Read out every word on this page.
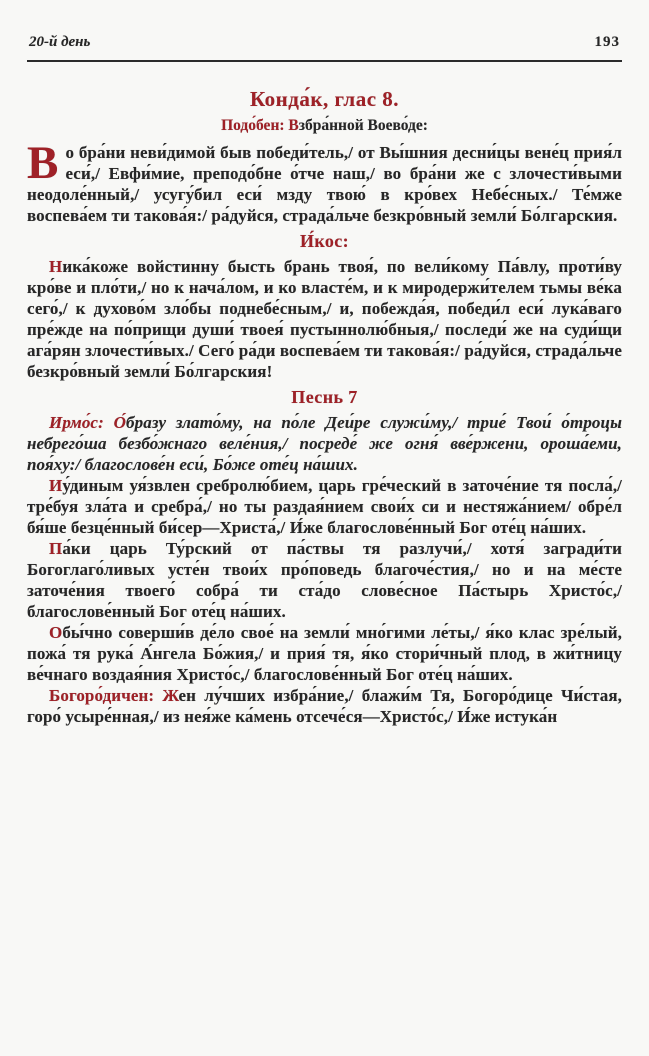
20-й день	193
Конда́к, глас 8.

Подо́бен: Взбра́нной Воево́де:

Во бра́ни неви́димой быв победи́тель,/ от Вы́шния десни́цы вене́ц прия́л еси́,/ Евфи́мие, преподо́бне о́тче наш,/ во бра́ни же с злочести́выми неодоле́нный,/ усугу́бил еси́ мзду твою́ в кро́вех Небе́сных./ Те́мже воспева́ем ти такова́я:/ ра́дуйся, страда́льче безкро́вный земли́ Бо́лгарския.

И́кос:

Ника́коже войстинну бысть брань твоя́, по вели́кому Па́влу, проти́ву кро́ве и пло́ти,/ но к нача́лом, и ко власте́м, и к миродержи́телем тьмы ве́ка сего́,/ к духово́м зло́бы поднебе́сным,/ и, побежда́я, победи́л еси́ лука́ваго пре́жде на по́прищи души́ твоея́ пустыннолю́бныя,/ последи́ же на суди́щи ага́рян злочести́вых./ Сего́ ра́ди воспева́ем ти такова́я:/ ра́дуйся, страда́льче безкро́вный земли́ Бо́лгарския!

Песнь 7

Ирмо́с: О́бразу злато́му, на по́ле Деи́ре служи́му,/ трие́ Твои́ о́троцы небрего́ша безбо́жнаго веле́ния,/ посреде́ же огня́ вве́ржени, ороша́еми, поя́ху:/ благослове́н еси́, Бо́же оте́ц на́ших.

Иу́диным уя́звлен сребролю́бием, царь гре́ческий в заточе́ние тя посла́,/ тре́буя зла́та и сребра́,/ но ты раздая́нием свои́х си и нестяжа́нием/ обре́л бя́ше безце́нный би́сер—Христа́,/ И́же благослове́нный Бог оте́ц на́ших.

Па́ки царь Ту́рский от па́ствы тя разлучи́,/ хотя́ загради́ти Богоглаго́ливых усте́н твои́х про́поведь благоче́стия,/ но и на ме́сте заточе́ния твоего́ собра́ ти ста́до слове́сное Па́стырь Христо́с,/ благослове́нный Бог оте́ц на́ших.

Обы́чно соверши́в де́ло свое́ на земли́ мно́гими ле́ты,/ я́ко клас зре́лый, пожа́ тя рука́ А́нгела Бо́жия,/ и прия́ тя, я́ко стори́чный плод, в жи́тницу ве́чнаго воздая́ния Христо́с,/ благослове́нный Бог оте́ц на́ших.

Богоро́дичен: Жен лу́чших избра́ние,/ блажи́м Тя, Богоро́дице Чи́стая, горо́ усыре́нная,/ из нея́же ка́мень отсече́ся—Христо́с,/ И́же истука́н
